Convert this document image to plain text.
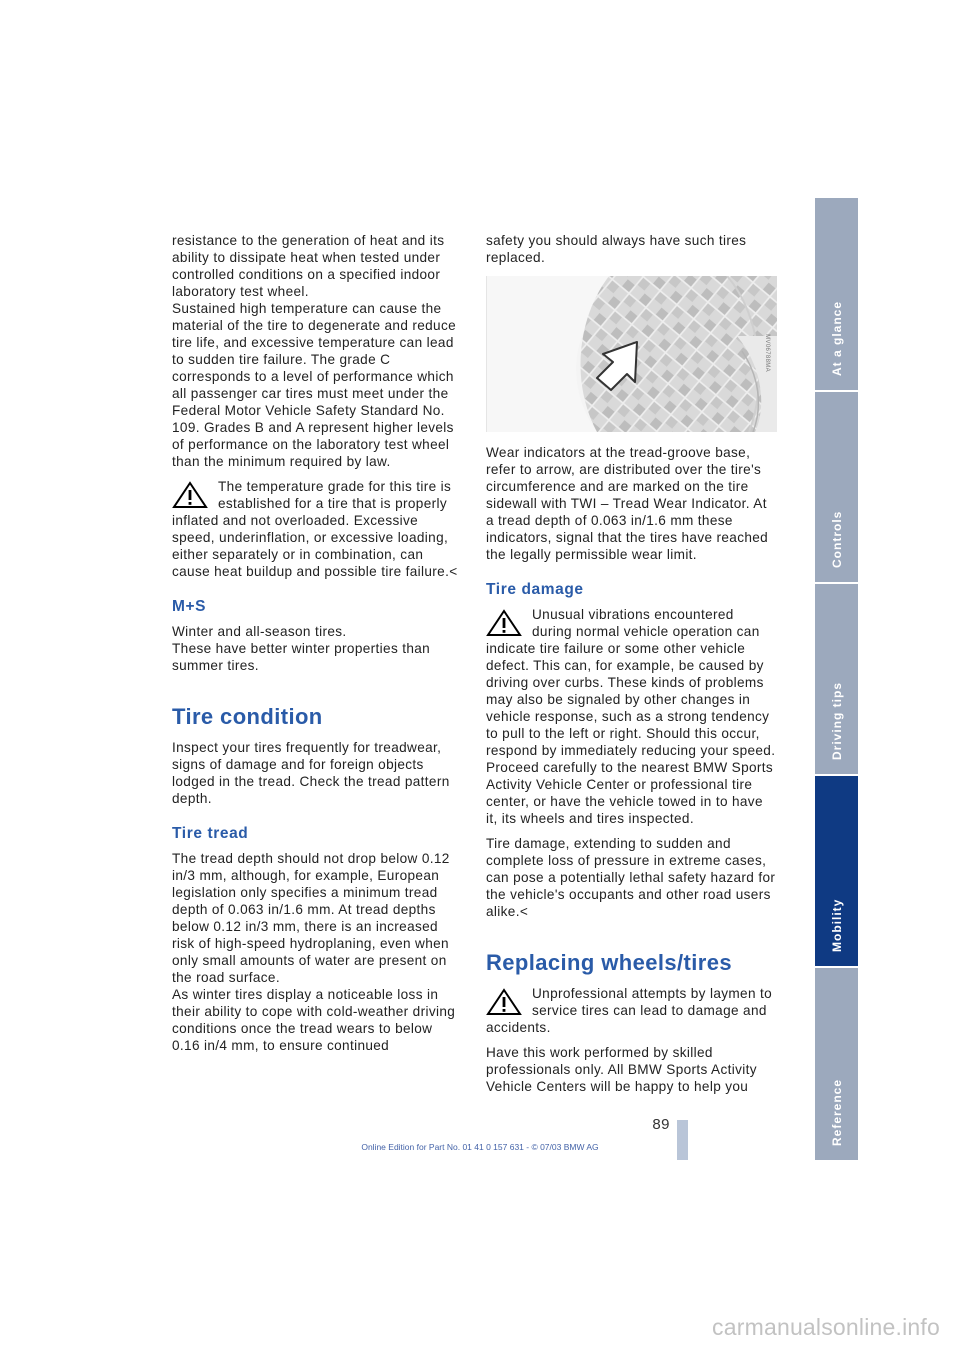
resistance to the generation of heat and its ability to dissipate heat when tested under controlled conditions on a specified indoor laboratory test wheel.

Sustained high temperature can cause the material of the tire to degenerate and reduce tire life, and excessive temperature can lead to sudden tire failure. The grade C corresponds to a level of performance which all passenger car tires must meet under the Federal Motor Vehicle Safety Standard No. 109. Grades B and A represent higher levels of performance on the laboratory test wheel than the minimum required by law.

The temperature grade for this tire is established for a tire that is properly inflated and not overloaded. Excessive speed, underinflation, or excessive loading, either separately or in combination, can cause heat buildup and possible tire failure.<
M+S

Winter and all-season tires.

These have better winter properties than summer tires.

Tire condition

Inspect your tires frequently for treadwear, signs of damage and for foreign objects lodged in the tread. Check the tread pattern depth.

Tire tread

The tread depth should not drop below 0.12 in/3 mm, although, for example, European legislation only specifies a minimum tread depth of 0.063 in/1.6 mm. At tread depths below 0.12 in/3 mm, there is an increased risk of high-speed hydroplaning, even when only small amounts of water are present on the road surface.

As winter tires display a noticeable loss in their ability to cope with cold-weather driving conditions once the tread wears to below 0.16 in/4 mm, to ensure continued

safety you should always have such tires replaced.

MV06788MA

Wear indicators at the tread-groove base, refer to arrow, are distributed over the tire's circumference and are marked on the tire sidewall with TWI – Tread Wear Indicator. At a tread depth of 0.063 in/1.6 mm these indicators, signal that the tires have reached the legally permissible wear limit.

Tire damage
Unusual vibrations encountered during normal vehicle operation can indicate tire failure or some other vehicle defect. This can, for example, be caused by driving over curbs. These kinds of problems may also be signaled by other changes in vehicle response, such as a strong tendency to pull to the left or right. Should this occur, respond by immediately reducing your speed. Proceed carefully to the nearest BMW Sports Activity Vehicle Center or professional tire center, or have the vehicle towed in to have it, its wheels and tires inspected.

Tire damage, extending to sudden and complete loss of pressure in extreme cases, can pose a potentially lethal safety hazard for the vehicle's occupants and other road users alike.<

Replacing wheels/tires
Unprofessional attempts by laymen to service tires can lead to damage and accidents.

Have this work performed by skilled professionals only. All BMW Sports Activity Vehicle Centers will be happy to help you

At a glance
Controls
Driving tips
Mobility
Reference
89
Online Edition for Part No. 01 41 0 157 631 - © 07/03 BMW AG
carmanualsonline.info
